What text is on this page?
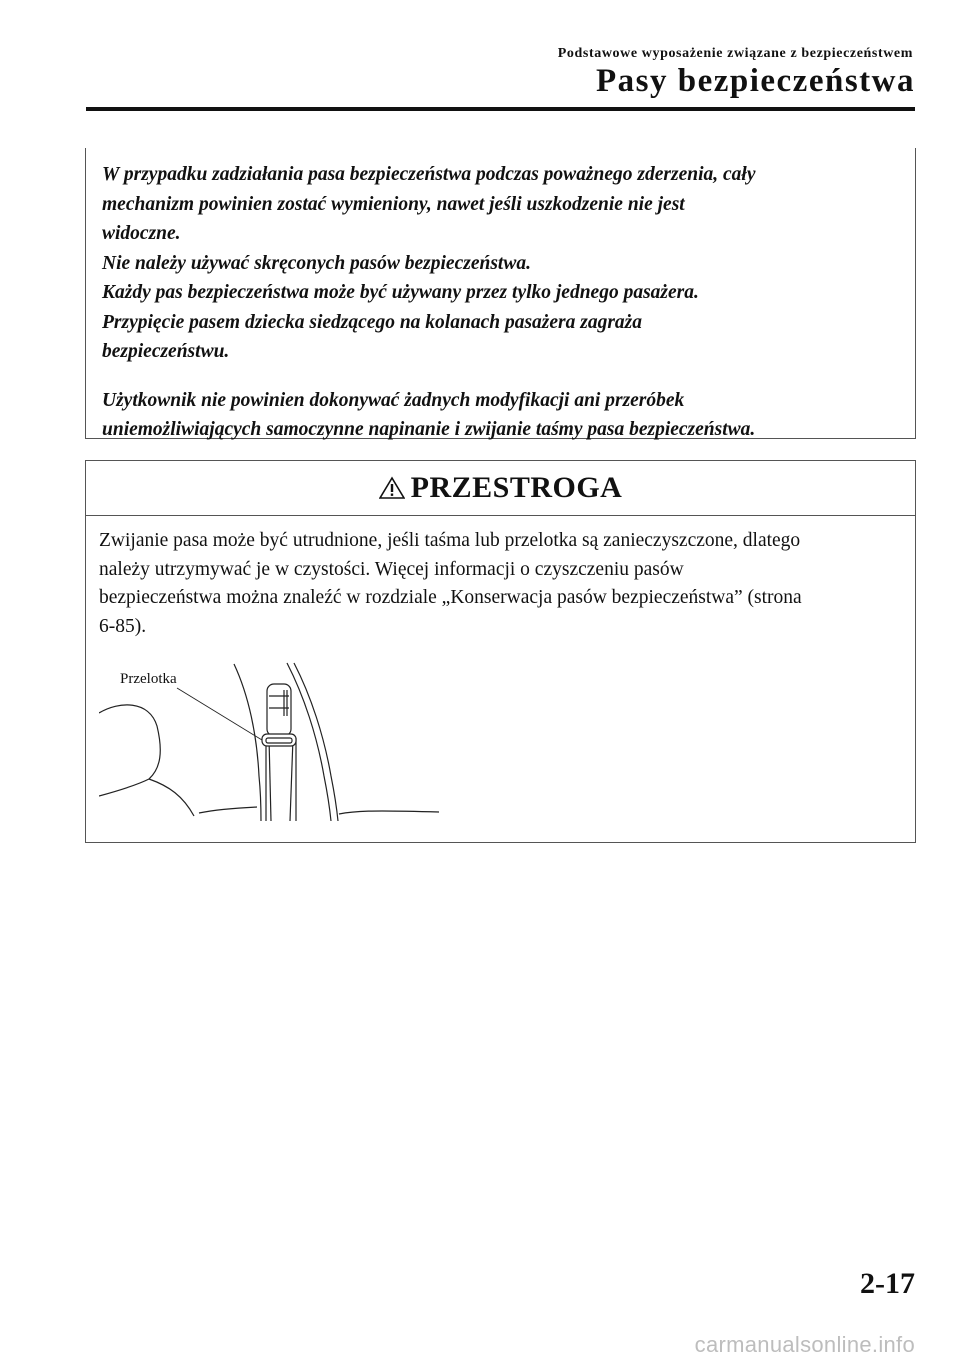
Podstawowe wyposażenie związane z bezpieczeństwem
Pasy bezpieczeństwa

W przypadku zadziałania pasa bezpieczeństwa podczas poważnego zderzenia, cały

mechanizm powinien zostać wymieniony, nawet jeśli uszkodzenie nie jest

widoczne.

Nie należy używać skręconych pasów bezpieczeństwa.

Każdy pas bezpieczeństwa może być używany przez tylko jednego pasażera.

Przypięcie pasem dziecka siedzącego na kolanach pasażera zagraża

bezpieczeństwu.

Użytkownik nie powinien dokonywać żadnych modyfikacji ani przeróbek

uniemożliwiających samoczynne napinanie i zwijanie taśmy pasa bezpieczeństwa.

PRZESTROGA

Zwijanie pasa może być utrudnione, jeśli taśma lub przelotka są zanieczyszczone, dlatego

należy utrzymywać je w czystości. Więcej informacji o czyszczeniu pasów

bezpieczeństwa można znaleźć w rozdziale „Konserwacja pasów bezpieczeństwa” (strona

6-85).

Przelotka
2-17
carmanualsonline.info
